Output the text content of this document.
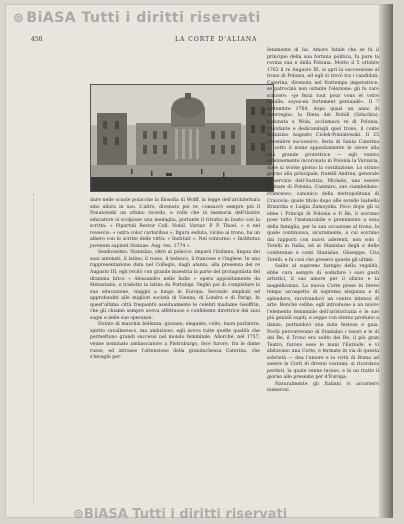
⊚ BiASA Tutti i diritti riservati
450	LA CORTE D'ALIANA
VARSAVIA: LA LOGGIA, EDIFICATA DALL'ARCHITETTO ANTONIO CORAZZI

Ietamente di lui. Amore fatale che se fu il principio della sua fortuna politica, fu pure la rovina sua e della Polonia. Morto il 5 ottobre 1763 il re Augusto III, si aprì la successione al trono di Polonia, ed egli si trovò tra i candidati. Caterina, divenuta nel frattempo imperatrice, se patrocinò non ostante l'elezione: gli fu caro scrivere: «je ferai tout pour vous et votre famille, soyez-en fortement persuadé». Il 7 settembre 1764, dopo quasi un anno di interregno, la Dieta del Nobili (Szlachta), radunata a Wola, acclamava re di Polonia, trionfante e dedicandogli quel trono, il conte Stanislao Augusto Ciolek-Poniatowski. Il 25 novembre successivo, festa di Santa Caterina — sotto il nome appositamente in onore alla sua grande protettrice — egli veniva solennemente incoronato in Polonia la Varsavia, dove si svolse giorno la costituzione. Lo strano giorno alla principale, fratelli Andrea, generale a servizio dell'Austria, Michele, uno essere primate di Polonia, Casimiro, suo ciambellano. Francesco, canonico della metropolitana di Cracovia: quale titolo dopo alle sorelle Isabella Branicka e Luigia Zamoyska. Poco dopo gli si ebbe i Principi di Polonia e Il Re, il sovrano pose tutto l'instancabile e preminente a essa della famiglia, per la sua occasione al trono, la quale continuava, sicuramente, a cui sovrano dai rapporti con nuovi aderenti, non solo i Torelli in Italia, ed ai Stanislao degli e delle conferenze e conti Stanislao, Giuseppe, Cris Torelli, e fu così che presero queste gli ultimi.

Salito al supremo fastigio della regalità, ebbe cura sempre di sodisfare i suoi gusti artistici, il suo amore per il sfarzo e la magnificenza. La nuova Corte prese in breve tempo un'aspetto di suprema eleganza e di splendore, ravvivandovi un centro intenso di arte. Benché celibe, egli introdusse a un nuovo l'elemento femminile dell'aristocrazia e le sue più geniali ospiti, e seppe con eterno profumo a danze, portandovi una nota festosa e gaia. Pochi percorrevano di Stanislao i tesori e le di dei Re, il Trono era solito dei Re, il più gran Teatro, furono esse le mani l'Euriade, e vi abitavano una Corte, e fermate in via di questa sobrietà — dea l'amore e la virtù di Roma ad essere le Corti di diversi costumi: si ricordava perduti, la quale venne invaso, e in un tratto il giorno alle presente per d'Europa.

Naturalmente gli Italiani vi accorsero numerosi.

dure nelle scuole polacche la filosofia di Wolff, la legge dell'architettura sino allora in uso. L'altro, divenuto poi re, consacrò sempre più il Ponatowski un ottimo ricordo, e volle che in memoria dell'ilustre educatore si scolpisse una medaglia, portante il ritratto in busto con la scritta: « Pipartuli Rector Coll. Nobil. Varsav. P. P. Thoel. » e nel rovescio: « ostra color cartoribus », figura seduta, vicino al trono, ha un albero con le scritte delle virtù: « Instituit ». Nel contorno: « Institutus juvenum sapiunt Statuae. Aug. rex. 1774 ».

Sesdicesimo, Stanislao, oltre al polacco, imparò l'italiano, lingua dei suoi antenati, il latino, il russo, il tedesco, il francese e l'inglese. In una rappresentazione data nel Collegio, dagli alunni, alla presenza del re Augusto III, egli recitò con grande maestria la parte del protagonista del dramma lirico « Alessandro nelle Indie » opera appositamente da Metastasio, e tradotto in latino da Portalupi. Vegliò poi di completare la sua educazione, viaggiò a lungo in Europa. Secondo ampliati ed approfonditi alle migliori società di Vienna, di Londra e di Parigi. In quest'ultima città frequentò assiduamente le celebri madame Geoffrin, che gli chiamò sempre aveva affettuoso e confidente direttrice dei suoi sogni e delle sue speranze.

Dotato di maschia bellezza, giovane, elegante, colto, buon parlatore, spirito cavalleresco, ma ambizioso, egli aveva tutte quelle qualità che permettono grandi successi nel mondo femminile. Allorché, nel 1757, venne nominato ambasciatore a Pietroburgo, fece furore, tra le dame russe, ed attrasse l'attenzione della granduchessa Caterina, che s'invaghi per-

⊚BiASA Tutti i diritti riservati
